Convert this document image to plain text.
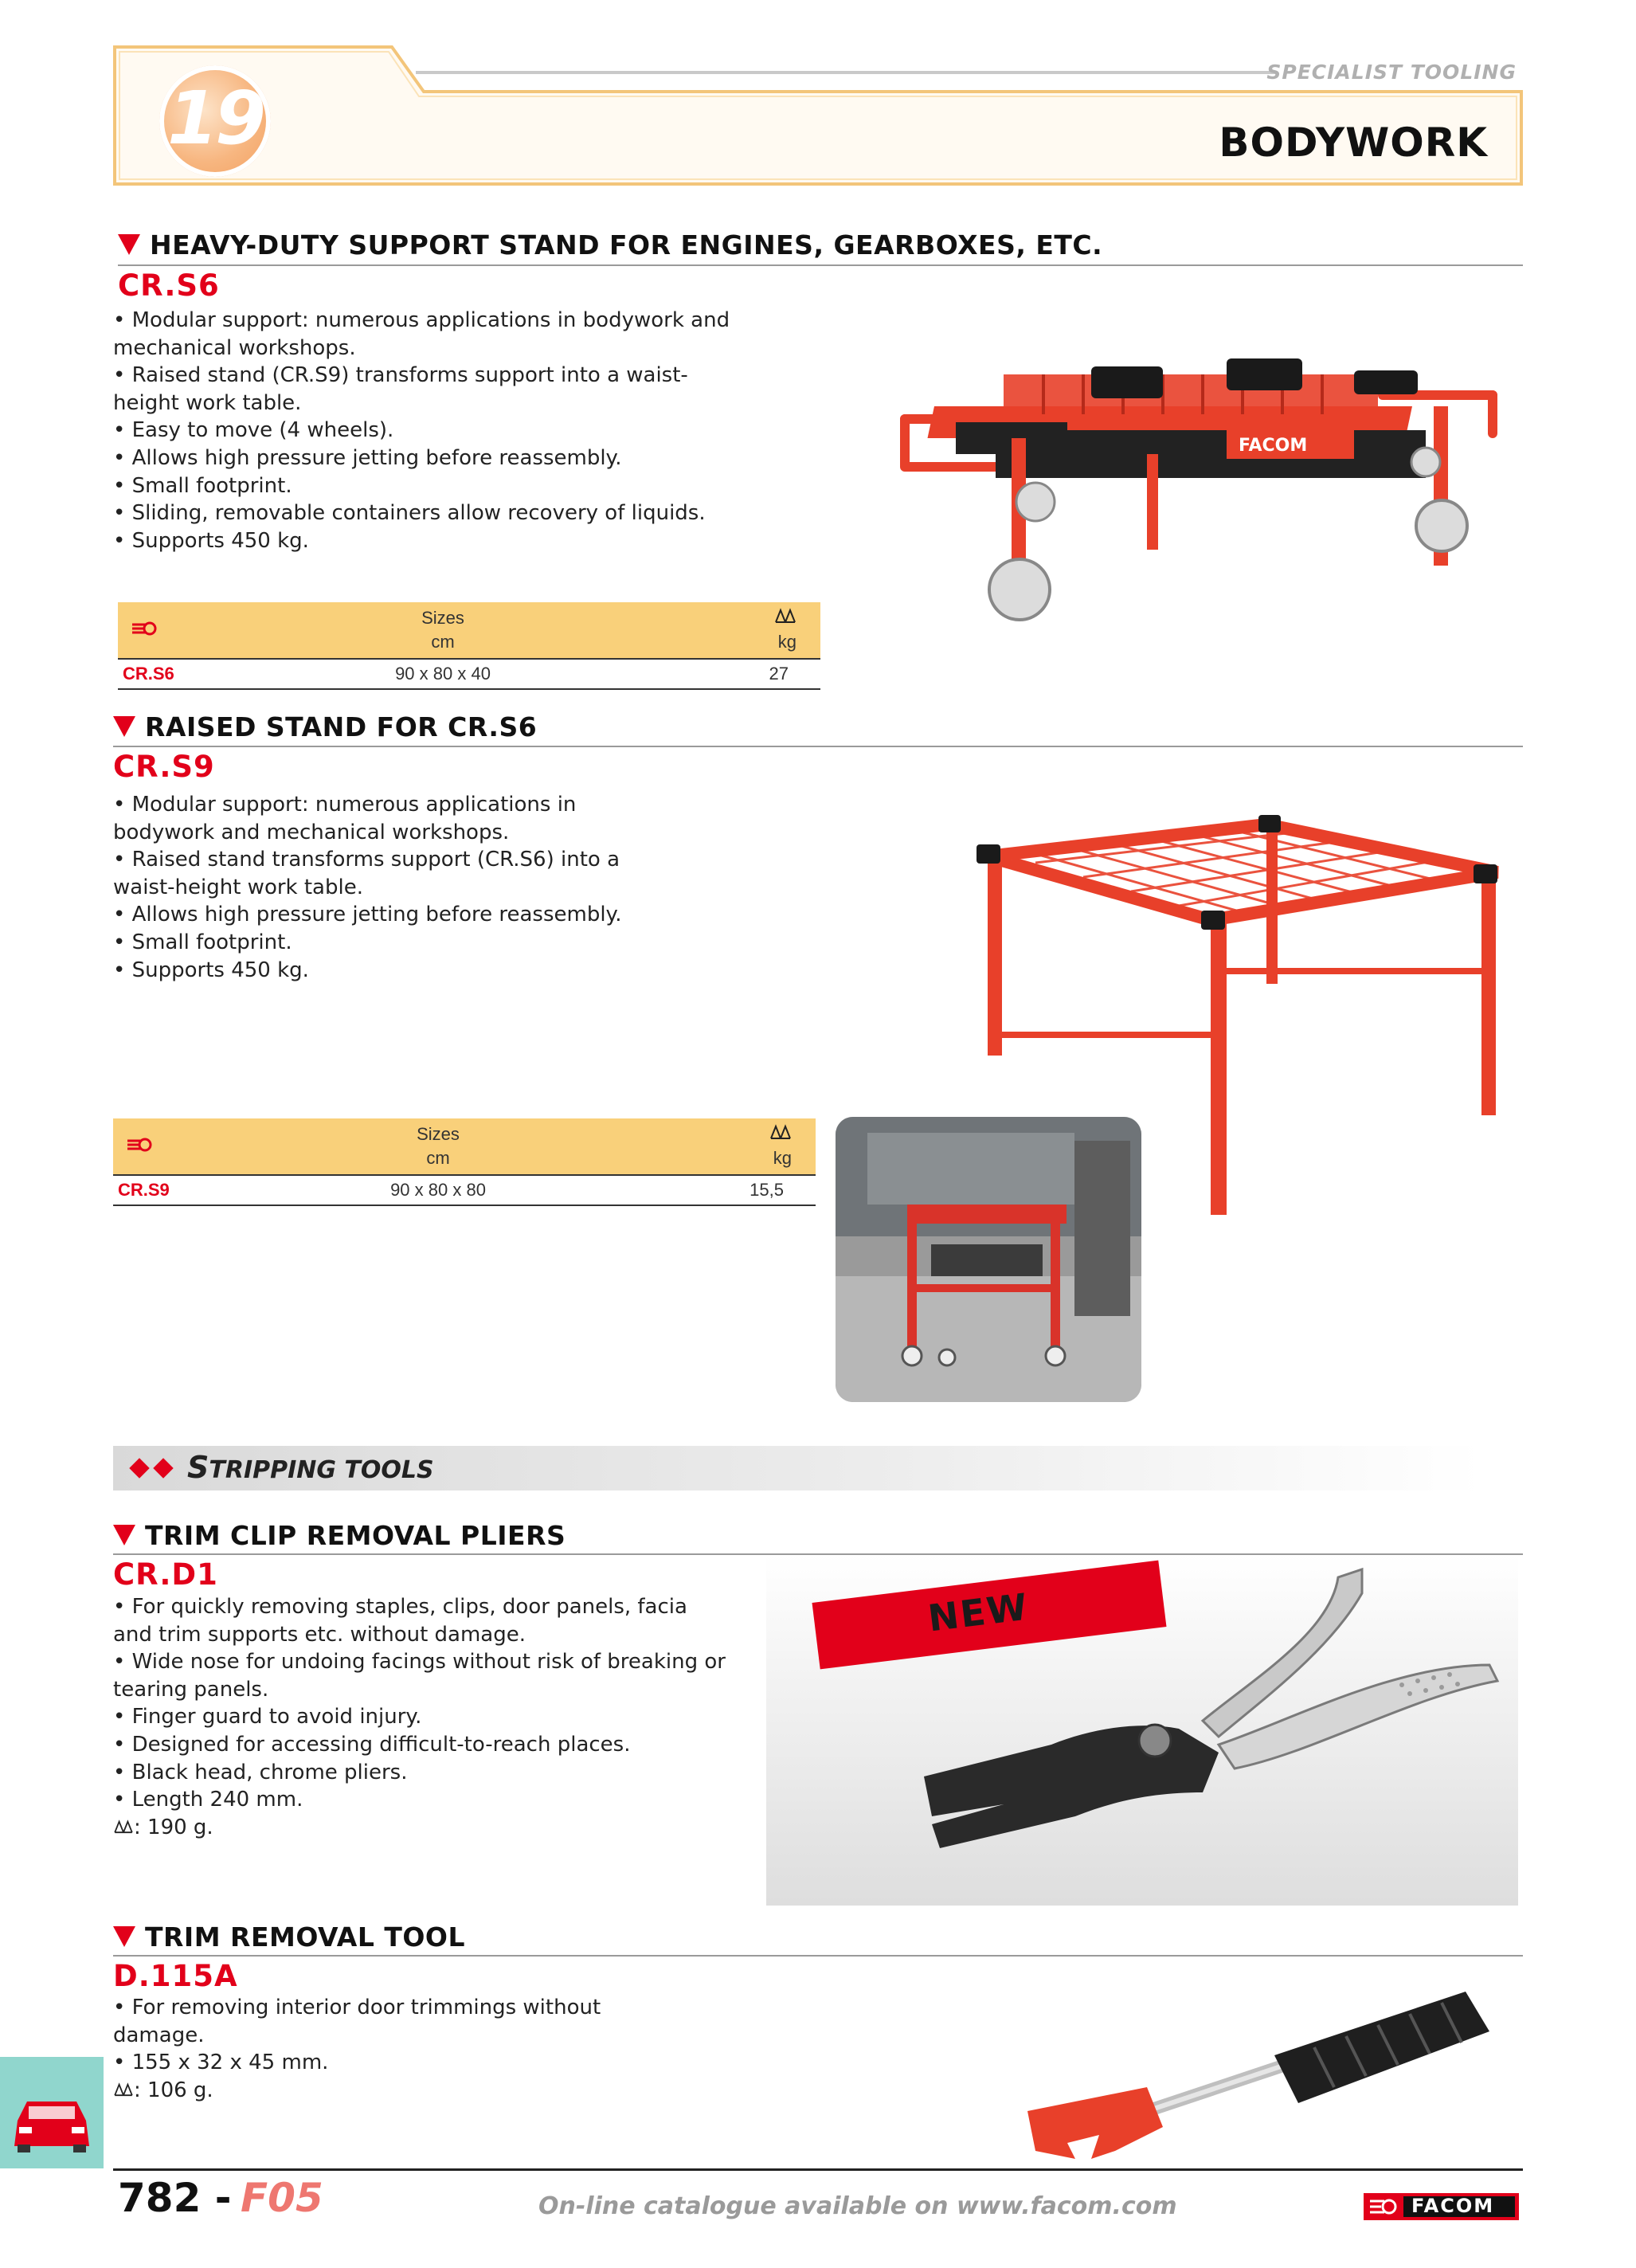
19
SPECIALIST TOOLING
BODYWORK
HEAVY-DUTY SUPPORT STAND FOR ENGINES, GEARBOXES, ETC.
CR.S6
• Modular support: numerous applications in bodywork and
mechanical workshops.
• Raised stand (CR.S9) transforms support into a waist-
height work table.
• Easy to move (4 wheels).
• Allows high pressure jetting before reassembly.
• Small footprint.
• Sliding, removable containers allow recovery of liquids.
• Supports 450 kg.

Sizes
cm	kg

CR.S6	90 x 80 x 40	27
FACOM
RAISED STAND FOR CR.S6
CR.S9
• Modular support: numerous applications in
bodywork and mechanical workshops.
• Raised stand transforms support (CR.S6) into a
waist-height work table.
• Allows high pressure jetting before reassembly.
• Small footprint.
• Supports 450 kg.

Sizes
cm	kg

CR.S9	90 x 80 x 80	15,5
STRIPPING TOOLS
TRIM CLIP REMOVAL PLIERS
CR.D1
• For quickly removing staples, clips, door panels, facia
and trim supports etc. without damage.
• Wide nose for undoing facings without risk of breaking or
tearing panels.
• Finger guard to avoid injury.
• Designed for accessing difficult-to-reach places.
• Black head, chrome pliers.
• Length 240 mm.
: 190 g.
NEW
TRIM REMOVAL TOOL
D.115A
• For removing interior door trimmings without
damage.
• 155 x 32 x 45 mm.
: 106 g.
782 - F05	On-line catalogue available on www.facom.com	FACOM
